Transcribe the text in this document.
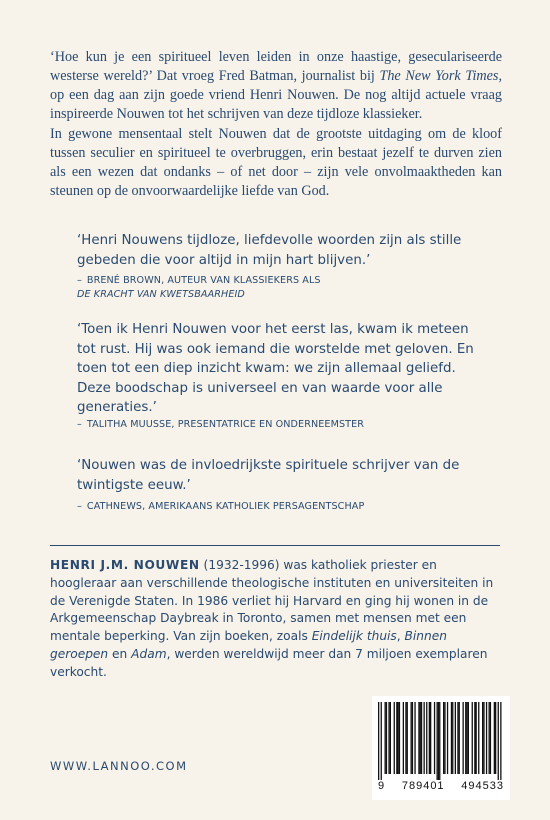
‘Hoe kun je een spiritueel leven leiden in onze haastige, geseculariseerde westerse wereld?’ Dat vroeg Fred Batman, journalist bij The New York Times, op een dag aan zijn goede vriend Henri Nouwen. De nog altijd actuele vraag inspireerde Nouwen tot het schrijven van deze tijdloze klassieker.

In gewone mensentaal stelt Nouwen dat de grootste uitdaging om de kloof tussen seculier en spiritueel te overbruggen, erin bestaat jezelf te durven zien als een wezen dat ondanks – of net door – zijn vele onvolmaaktheden kan steunen op de onvoorwaardelijke liefde van God.

‘Henri Nouwens tijdloze, liefdevolle woorden zijn als stille gebeden die voor altijd in mijn hart blijven.’

– BRENÉ BROWN, AUTEUR VAN KLASSIEKERS ALS
DE KRACHT VAN KWETSBAARHEID

‘Toen ik Henri Nouwen voor het eerst las, kwam ik meteen tot rust. Hij was ook iemand die worstelde met geloven. En toen tot een diep inzicht kwam: we zijn allemaal geliefd. Deze boodschap is universeel en van waarde voor alle generaties.’

– TALITHA MUUSSE, PRESENTATRICE EN ONDERNEEMSTER

‘Nouwen was de invloedrijkste spirituele schrijver van de twintigste eeuw.’

– CATHNEWS, AMERIKAANS KATHOLIEK PERSAGENTSCHAP

HENRI J.M. NOUWEN (1932-1996) was katholiek priester en hoogleraar aan verschillende theologische instituten en universiteiten in de Verenigde Staten. In 1986 verliet hij Harvard en ging hij wonen in de Arkgemeenschap Daybreak in Toronto, samen met mensen met een mentale beperking. Van zijn boeken, zoals Eindelijk thuis, Binnen geroepen en Adam, werden wereldwijd meer dan 7 miljoen exemplaren verkocht.

WWW.LANNOO.COM
9 789401 494533
